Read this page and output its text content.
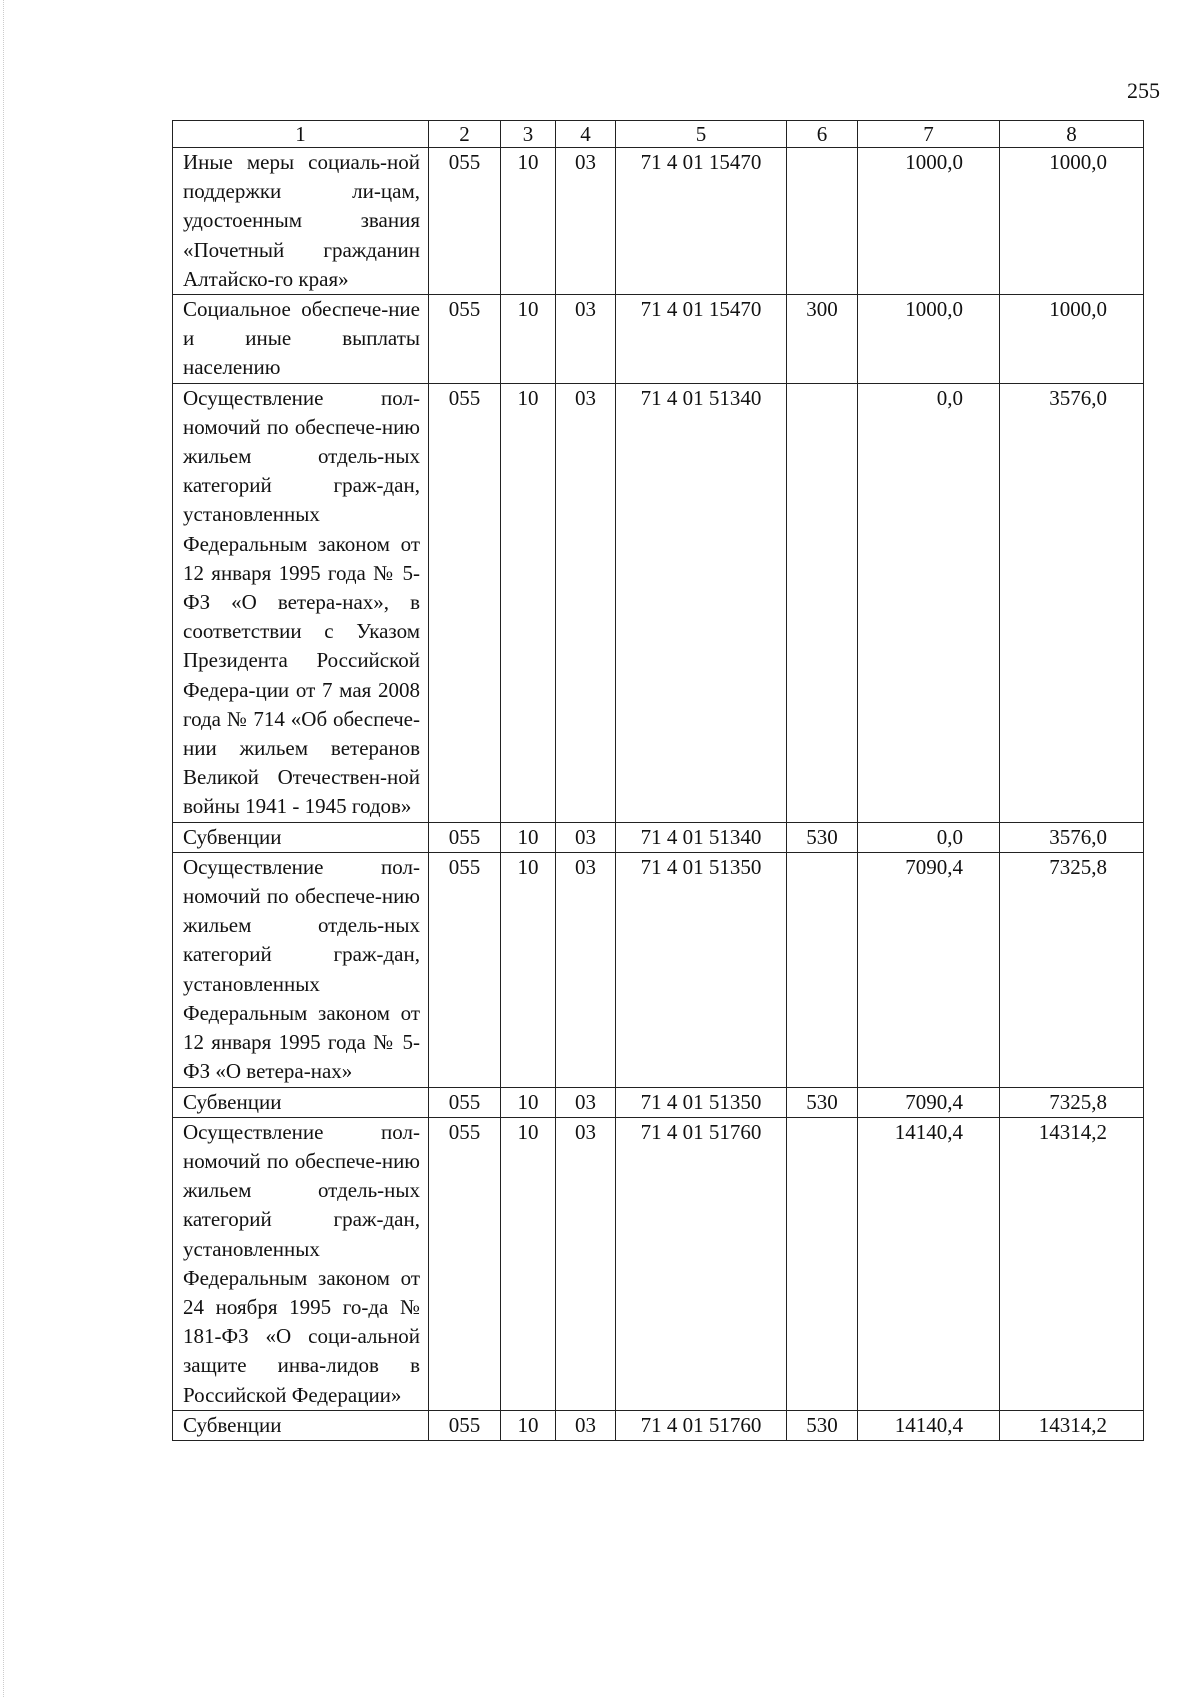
255
1	2	3	4	5	6	7	8
Иные меры социаль-ной поддержки ли-цам, удостоенным звания «Почетный гражданин Алтайско-го края»	055	10	03	71 4 01 15470		1000,0	1000,0
Социальное обеспече-ние и иные выплаты населению	055	10	03	71 4 01 15470	300	1000,0	1000,0
Осуществление пол-номочий по обеспече-нию жильем отдель-ных категорий граж-дан, установленных Федеральным законом от 12 января 1995 года № 5-ФЗ «О ветера-нах», в соответствии с Указом Президента Российской Федера-ции от 7 мая 2008 года № 714 «Об обеспече-нии жильем ветеранов Великой Отечествен-ной войны 1941 - 1945 годов»	055	10	03	71 4 01 51340		0,0	3576,0
Субвенции	055	10	03	71 4 01 51340	530	0,0	3576,0
Осуществление пол-номочий по обеспече-нию жильем отдель-ных категорий граж-дан, установленных Федеральным законом от 12 января 1995 года № 5-ФЗ «О ветера-нах»	055	10	03	71 4 01 51350		7090,4	7325,8
Субвенции	055	10	03	71 4 01 51350	530	7090,4	7325,8
Осуществление пол-номочий по обеспече-нию жильем отдель-ных категорий граж-дан, установленных Федеральным законом от 24 ноября 1995 го-да № 181-ФЗ «О соци-альной защите инва-лидов в Российской Федерации»	055	10	03	71 4 01 51760		14140,4	14314,2
Субвенции	055	10	03	71 4 01 51760	530	14140,4	14314,2
